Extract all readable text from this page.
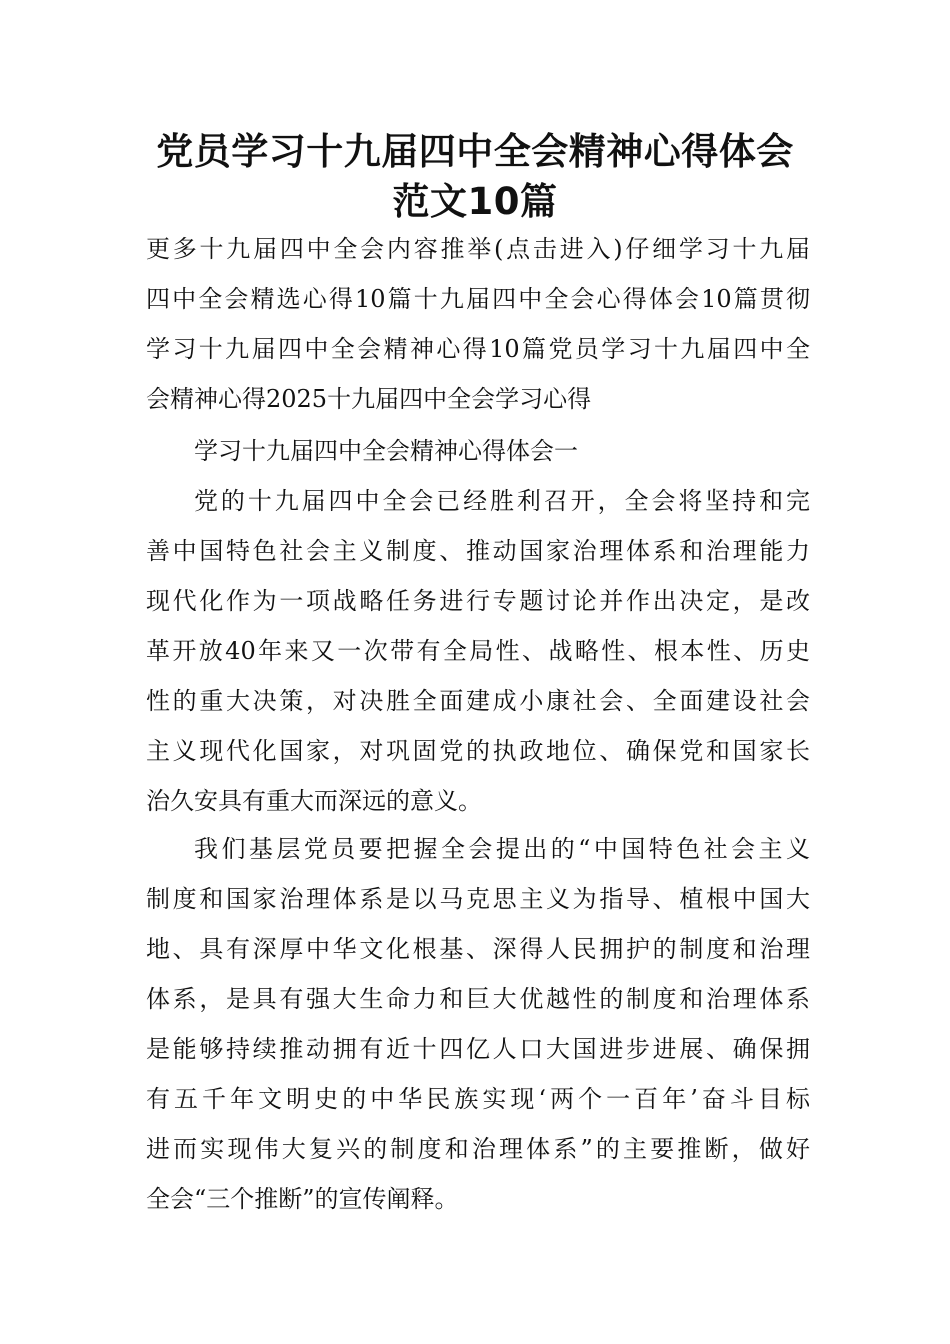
党员学习十九届四中全会精神心得体会
范文10篇
更多十九届四中全会内容推举(点击进入)仔细学习十九届
四中全会精选心得10篇十九届四中全会心得体会10篇贯彻
学习十九届四中全会精神心得10篇党员学习十九届四中全
会精神心得2025十九届四中全会学习心得
学习十九届四中全会精神心得体会一
党的十九届四中全会已经胜利召开，全会将坚持和完
善中国特色社会主义制度、推动国家治理体系和治理能力
现代化作为一项战略任务进行专题讨论并作出决定，是改
革开放40年来又一次带有全局性、战略性、根本性、历史
性的重大决策，对决胜全面建成小康社会、全面建设社会
主义现代化国家，对巩固党的执政地位、确保党和国家长
治久安具有重大而深远的意义。
我们基层党员要把握全会提出的“中国特色社会主义
制度和国家治理体系是以马克思主义为指导、植根中国大
地、具有深厚中华文化根基、深得人民拥护的制度和治理
体系，是具有强大生命力和巨大优越性的制度和治理体系
是能够持续推动拥有近十四亿人口大国进步进展、确保拥
有五千年文明史的中华民族实现‘两个一百年’奋斗目标
进而实现伟大复兴的制度和治理体系”的主要推断，做好
全会“三个推断”的宣传阐释。
